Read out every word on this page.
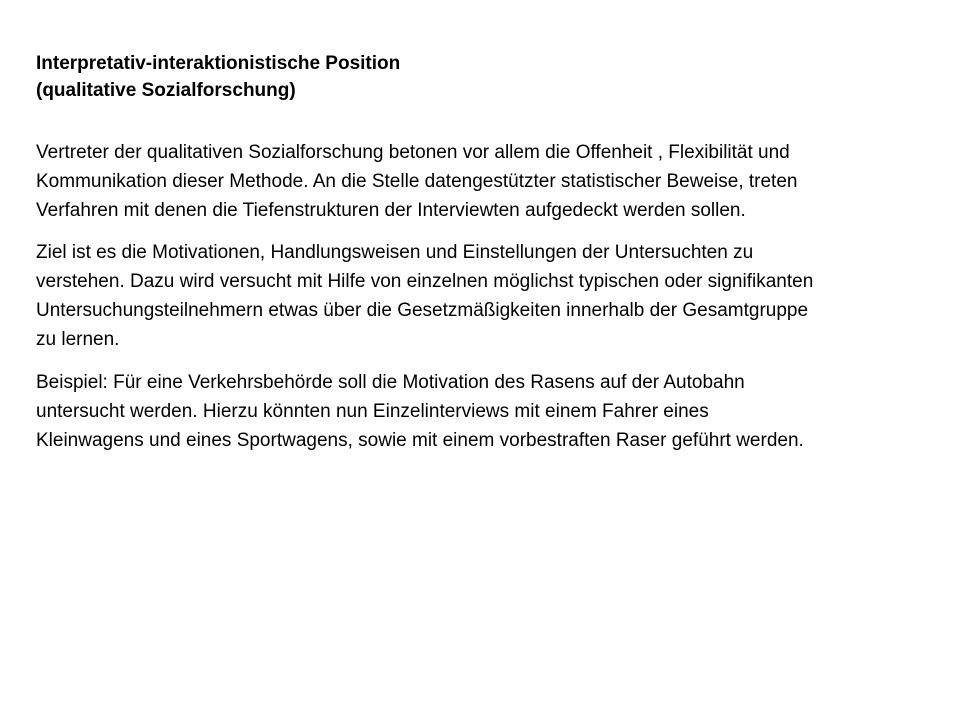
Interpretativ-interaktionistische Position
(qualitative Sozialforschung)
Vertreter der qualitativen Sozialforschung betonen vor allem die Offenheit , Flexibilität und
Kommunikation dieser Methode. An die Stelle datengestützter statistischer Beweise, treten
Verfahren mit denen die Tiefenstrukturen der Interviewten aufgedeckt werden sollen.
Ziel ist es die Motivationen, Handlungsweisen und Einstellungen der Untersuchten zu
verstehen. Dazu wird versucht mit Hilfe von einzelnen möglichst typischen oder signifikanten
Untersuchungsteilnehmern etwas über die Gesetzmäßigkeiten innerhalb der Gesamtgruppe
zu lernen.
Beispiel: Für eine Verkehrsbehörde soll die Motivation des Rasens auf der Autobahn
untersucht werden. Hierzu könnten nun Einzelinterviews mit einem Fahrer eines
Kleinwagens und eines Sportwagens, sowie mit einem vorbestraften Raser geführt werden.
